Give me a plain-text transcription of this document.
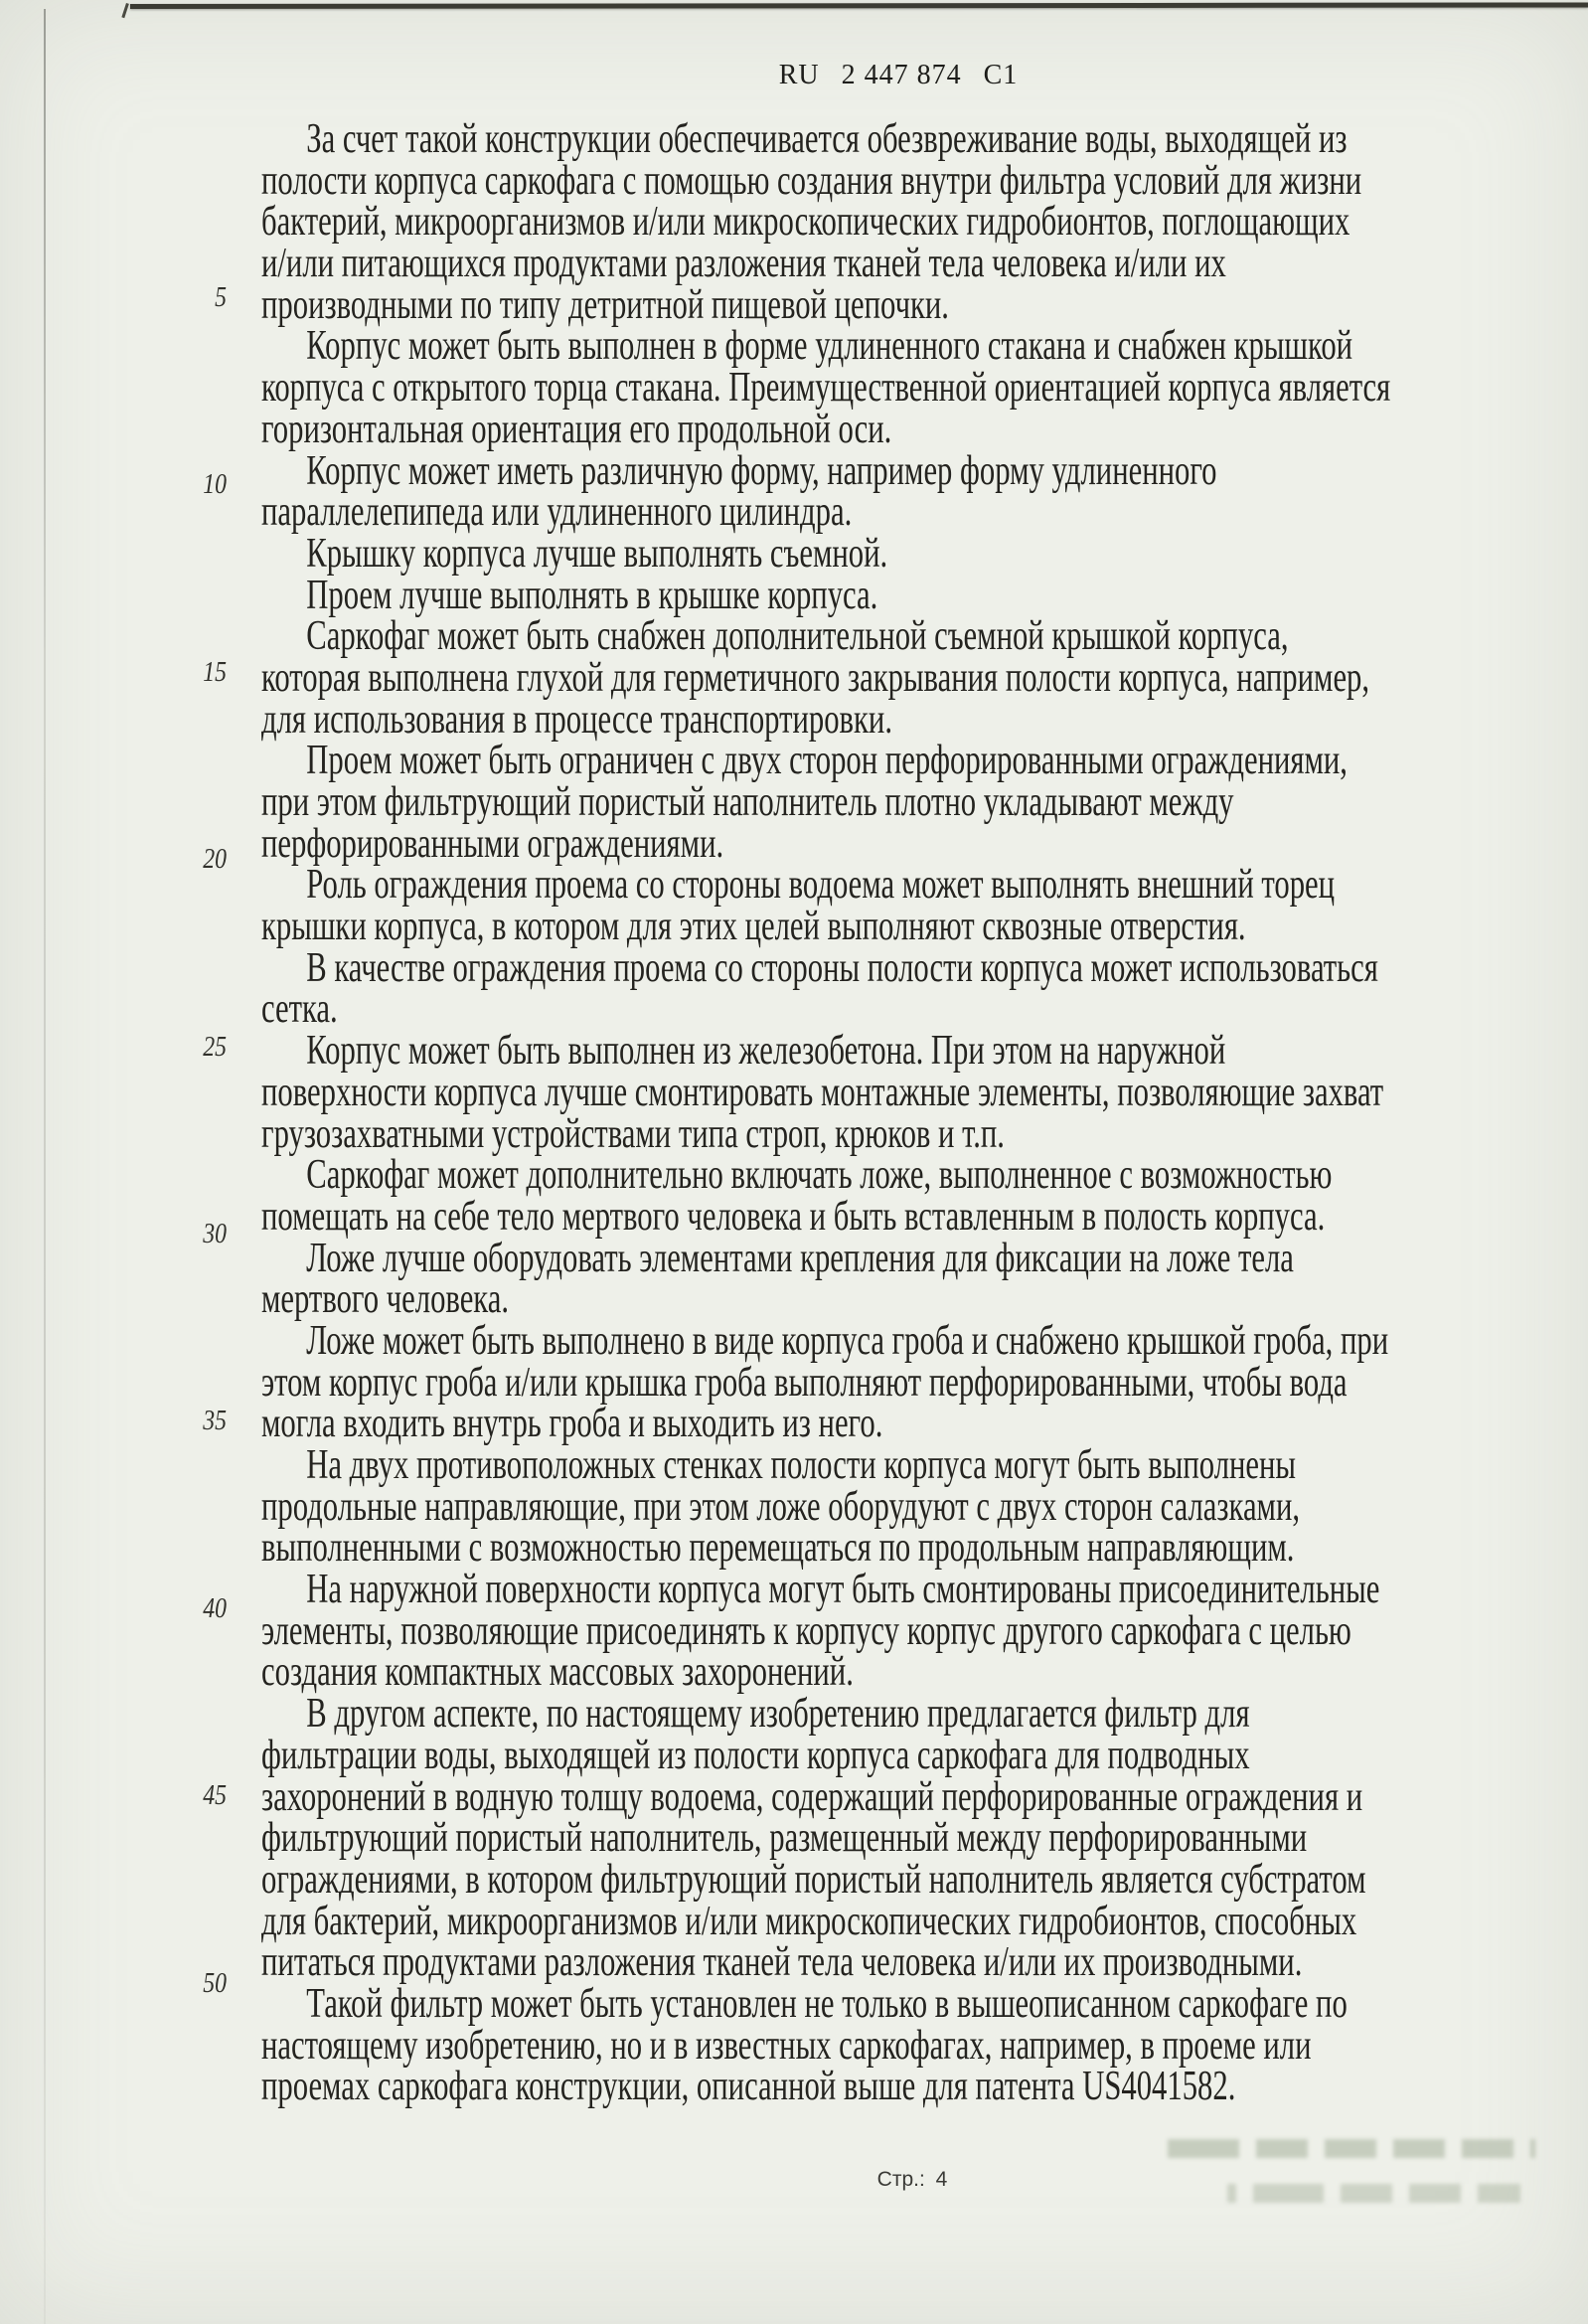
RU 2 447 874 C1
5
10
15
20
25
30
35
40
45
50
За счет такой конструкции обеспечивается обезвреживание воды, выходящей из
полости корпуса саркофага с помощью создания внутри фильтра условий для жизни
бактерий, микроорганизмов и/или микроскопических гидробионтов, поглощающих
и/или питающихся продуктами разложения тканей тела человека и/или их
производными по типу детритной пищевой цепочки.
Корпус может быть выполнен в форме удлиненного стакана и снабжен крышкой
корпуса с открытого торца стакана. Преимущественной ориентацией корпуса является
горизонтальная ориентация его продольной оси.
Корпус может иметь различную форму, например форму удлиненного
параллелепипеда или удлиненного цилиндра.
Крышку корпуса лучше выполнять съемной.
Проем лучше выполнять в крышке корпуса.
Саркофаг может быть снабжен дополнительной съемной крышкой корпуса,
которая выполнена глухой для герметичного закрывания полости корпуса, например,
для использования в процессе транспортировки.
Проем может быть ограничен с двух сторон перфорированными ограждениями,
при этом фильтрующий пористый наполнитель плотно укладывают между
перфорированными ограждениями.
Роль ограждения проема со стороны водоема может выполнять внешний торец
крышки корпуса, в котором для этих целей выполняют сквозные отверстия.
В качестве ограждения проема со стороны полости корпуса может использоваться
сетка.
Корпус может быть выполнен из железобетона. При этом на наружной
поверхности корпуса лучше смонтировать монтажные элементы, позволяющие захват
грузозахватными устройствами типа строп, крюков и т.п.
Саркофаг может дополнительно включать ложе, выполненное с возможностью
помещать на себе тело мертвого человека и быть вставленным в полость корпуса.
Ложе лучше оборудовать элементами крепления для фиксации на ложе тела
мертвого человека.
Ложе может быть выполнено в виде корпуса гроба и снабжено крышкой гроба, при
этом корпус гроба и/или крышка гроба выполняют перфорированными, чтобы вода
могла входить внутрь гроба и выходить из него.
На двух противоположных стенках полости корпуса могут быть выполнены
продольные направляющие, при этом ложе оборудуют с двух сторон салазками,
выполненными с возможностью перемещаться по продольным направляющим.
На наружной поверхности корпуса могут быть смонтированы присоединительные
элементы, позволяющие присоединять к корпусу корпус другого саркофага с целью
создания компактных массовых захоронений.
В другом аспекте, по настоящему изобретению предлагается фильтр для
фильтрации воды, выходящей из полости корпуса саркофага для подводных
захоронений в водную толщу водоема, содержащий перфорированные ограждения и
фильтрующий пористый наполнитель, размещенный между перфорированными
ограждениями, в котором фильтрующий пористый наполнитель является субстратом
для бактерий, микроорганизмов и/или микроскопических гидробионтов, способных
питаться продуктами разложения тканей тела человека и/или их производными.
Такой фильтр может быть установлен не только в вышеописанном саркофаге по
настоящему изобретению, но и в известных саркофагах, например, в проеме или
проемах саркофага конструкции, описанной выше для патента US4041582.
Стр.: 4
